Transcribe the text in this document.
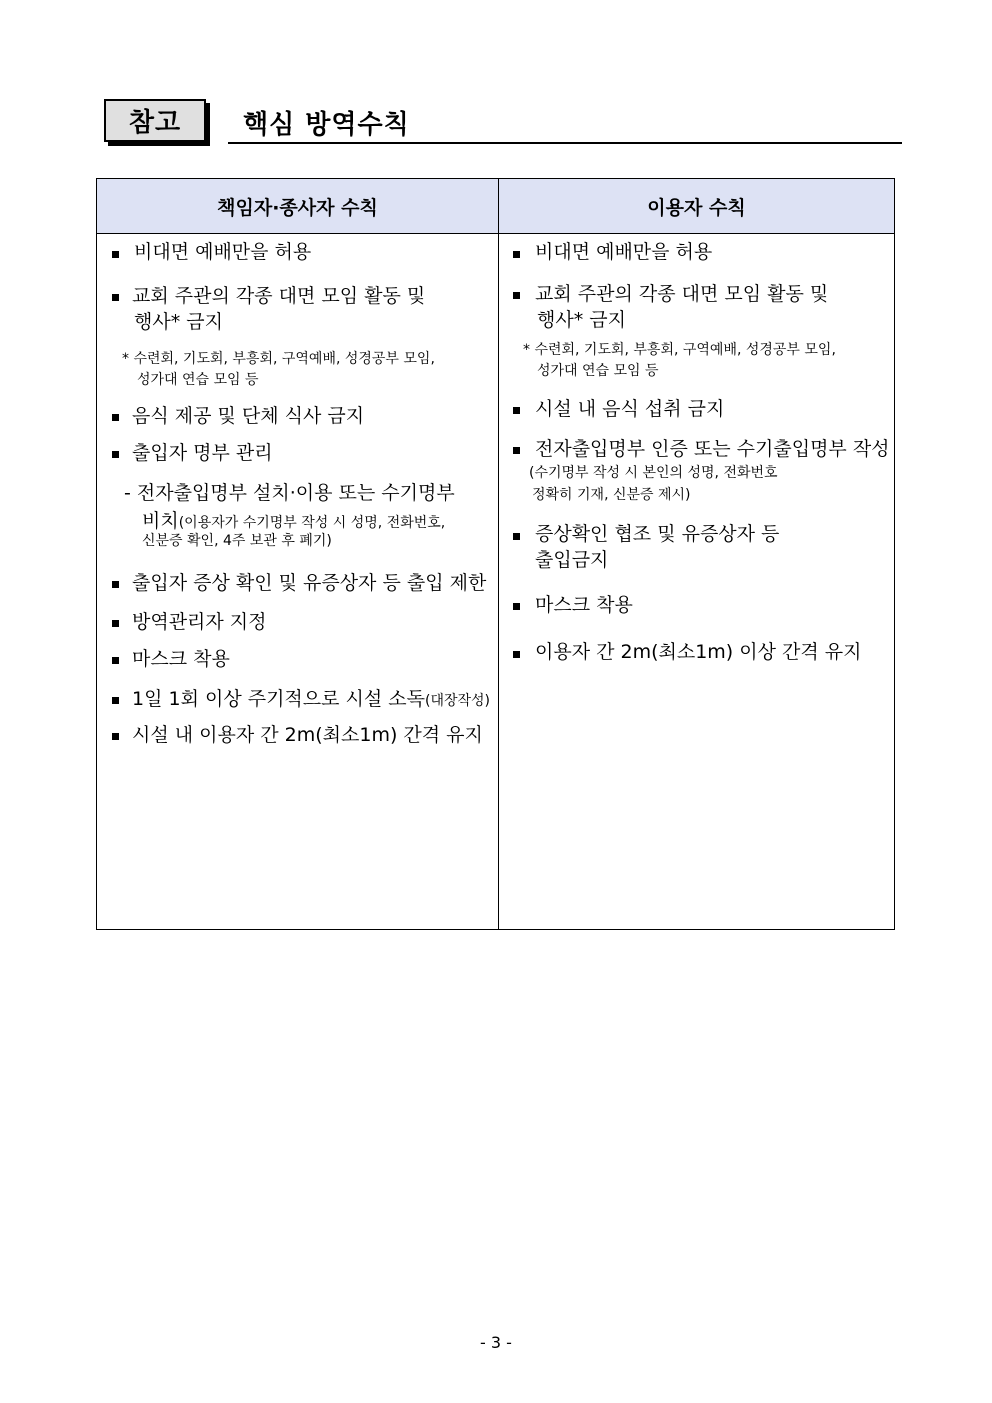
참고	핵심 방역수칙
책임자·종사자 수칙	이용자 수칙
비대면 예배만을 허용
교회 주관의 각종 대면 모임 활동 및
행사* 금지
* 수련회, 기도회, 부흥회, 구역예배, 성경공부 모임,
성가대 연습 모임 등
음식 제공 및 단체 식사 금지
출입자 명부 관리
- 전자출입명부 설치·이용 또는 수기명부
비치(이용자가 수기명부 작성 시 성명, 전화번호,
신분증 확인, 4주 보관 후 폐기)
출입자 증상 확인 및 유증상자 등 출입 제한
방역관리자 지정
마스크 착용
1일 1회 이상 주기적으로 시설 소독(대장작성)
시설 내 이용자 간 2m(최소1m) 간격 유지
비대면 예배만을 허용
교회 주관의 각종 대면 모임 활동 및
행사* 금지
* 수련회, 기도회, 부흥회, 구역예배, 성경공부 모임,
성가대 연습 모임 등
시설 내 음식 섭취 금지
전자출입명부 인증 또는 수기출입명부 작성
(수기명부 작성 시 본인의 성명, 전화번호
정확히 기재, 신분증 제시)
증상확인 협조 및 유증상자 등
출입금지
마스크 착용
이용자 간 2m(최소1m) 이상 간격 유지
- 3 -
